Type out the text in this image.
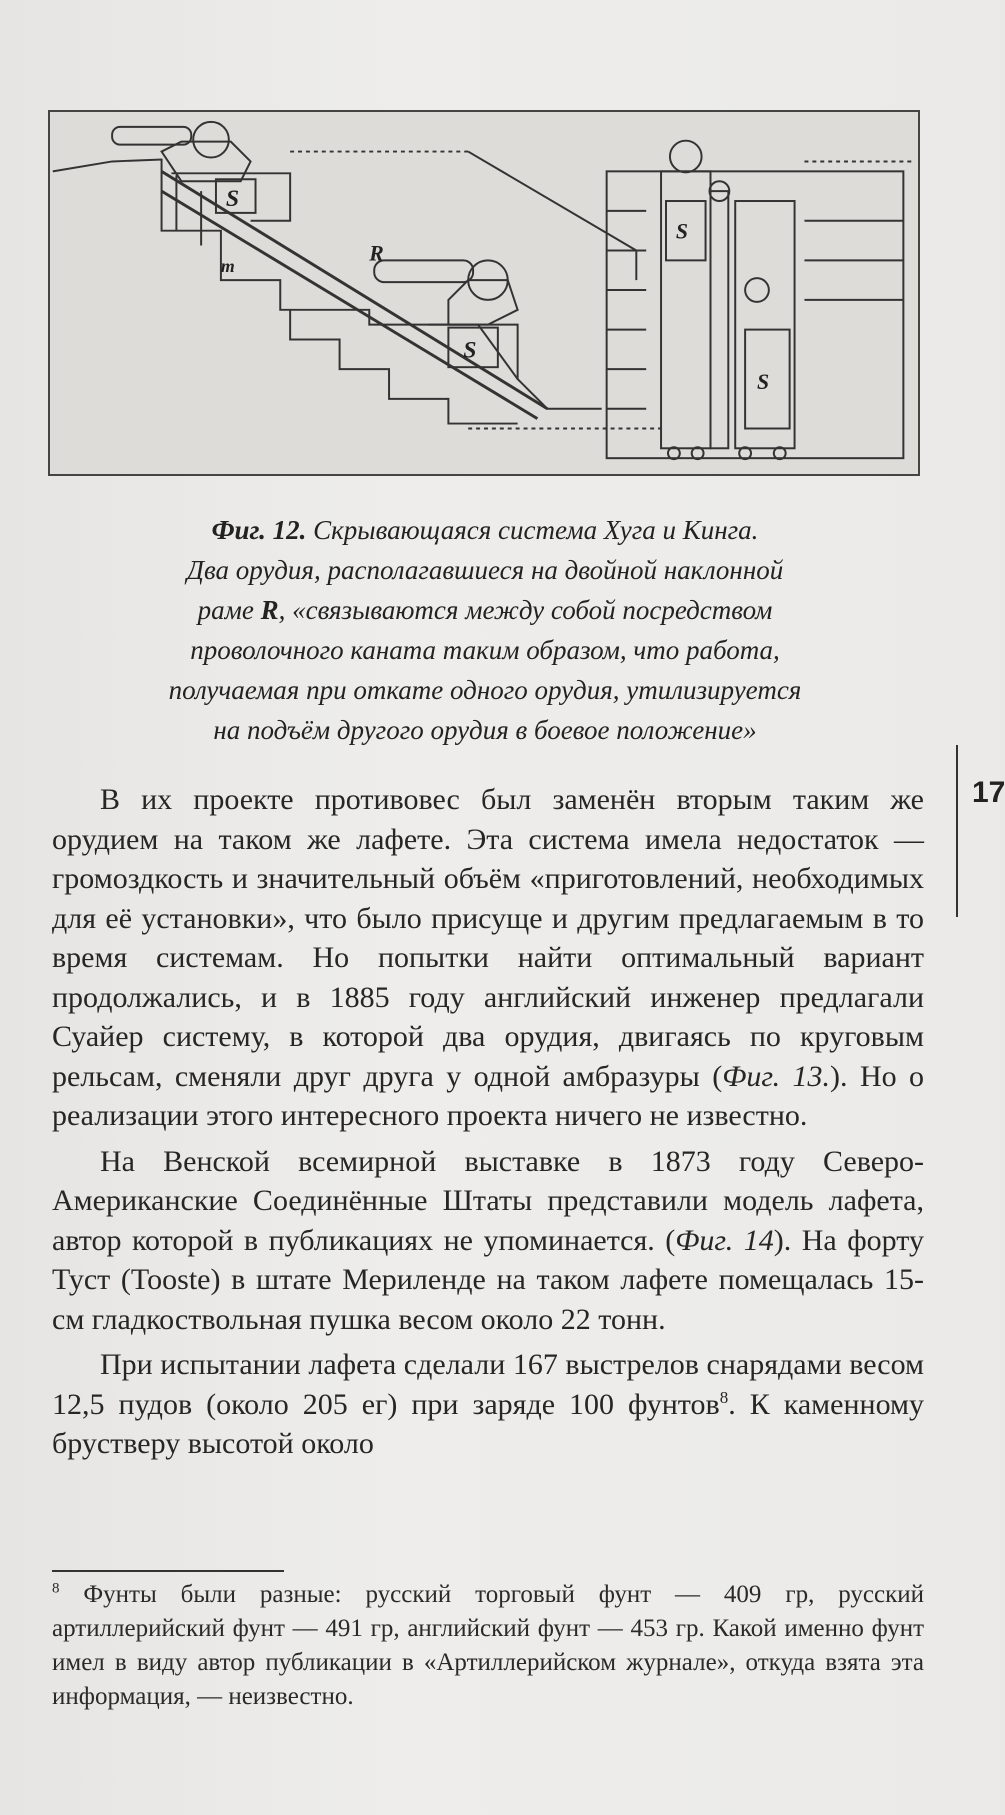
S
R
m
S
S
S
Фиг. 12. Скрывающаяся система Хуга и Кинга.
Два орудия, располагавшиеся на двойной наклонной
раме R, «связываются между собой посредством
проволочного каната таким образом, что работа,
получаемая при откате одного орудия, утилизируется
на подъём другого орудия в боевое положение»

В их проекте противовес был заменён вторым таким же орудием на таком же лафете. Эта система имела недостаток — громоздкость и значительный объём «приготовлений, необходимых для её установки», что было присуще и другим предлагаемым в то время системам. Но попытки найти оптимальный вариант продолжались, и в 1885 году английский инженер предлагали Суайер систему, в которой два орудия, двигаясь по круговым рельсам, сменяли друг друга у одной амбразуры (Фиг. 13.). Но о реализации этого интересного проекта ничего не известно.

На Венской всемирной выставке в 1873 году Северо-Американские Соединённые Штаты представили модель лафета, автор которой в публикациях не упоминается. (Фиг. 14). На форту Туст (Tooste) в штате Мериленде на таком лафете помещалась 15-см гладкоствольная пушка весом около 22 тонн.

При испытании лафета сделали 167 выстрелов снарядами весом 12,5 пудов (около 205 ег) при заряде 100 фунтов$^8$. К каменному брустверу высотой около

17
$^8$ Фунты были разные: русский торговый фунт — 409 гр, русский артиллерийский фунт — 491 гр, английский фунт — 453 гр. Какой именно фунт имел в виду автор публикации в «Артиллерийском журнале», откуда взята эта информация, — неизвестно.
